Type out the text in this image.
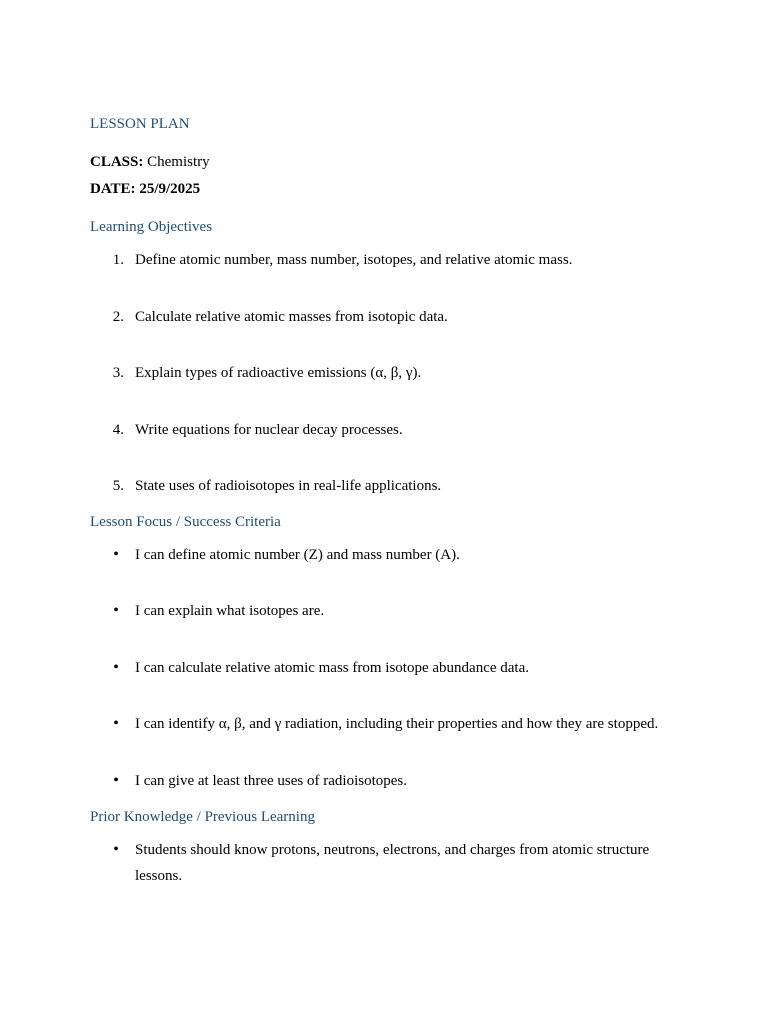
LESSON PLAN
CLASS: Chemistry
DATE: 25/9/2025
Learning Objectives
1. Define atomic number, mass number, isotopes, and relative atomic mass.
2. Calculate relative atomic masses from isotopic data.
3. Explain types of radioactive emissions (α, β, γ).
4. Write equations for nuclear decay processes.
5. State uses of radioisotopes in real-life applications.
Lesson Focus / Success Criteria
•	I can define atomic number (Z) and mass number (A).
•	I can explain what isotopes are.
•	I can calculate relative atomic mass from isotope abundance data.
•	I can identify α, β, and γ radiation, including their properties and how they are stopped.
•	I can give at least three uses of radioisotopes.
Prior Knowledge / Previous Learning
•	Students should know protons, neutrons, electrons, and charges from atomic structure lessons.
